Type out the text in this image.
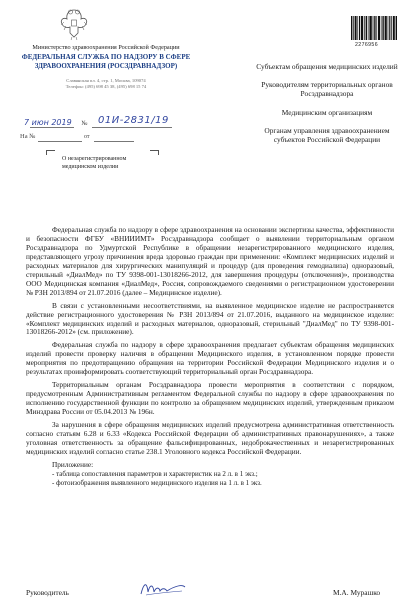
Министерство здравоохранения Российской Федерации
ФЕДЕРАЛЬНАЯ СЛУЖБА ПО НАДЗОРУ В СФЕРЕ ЗДРАВООХРАНЕНИЯ (РОСЗДРАВНАДЗОР)
Славянская пл. 4, стр. 1, Москва, 109074
Телефон: (495) 698 45 38, (495) 698 15 74
7 июн 2019 № 01И-2831/19
На №	от
О незарегистрированном медицинском изделии
2276956
Субъектам обращения медицинских изделий
Руководителям территориальных органов Росздравнадзора
Медицинским организациям
Органам управления здравоохранением субъектов Российской Федерации

Федеральная служба по надзору в сфере здравоохранения на основании экспертизы качества, эффективности и безопасности ФГБУ «ВНИИИМТ» Росздравнадзора сообщает о выявлении территориальным органом Росздравнадзора по Удмуртской Республике в обращении незарегистрированного медицинского изделия, представляющего угрозу причинения вреда здоровью граждан при применении: «Комплект медицинских изделий и расходных материалов для хирургических манипуляций и процедур (для проведения гемодиализа) одноразовый, стерильный «ДиалМед» по ТУ 9398-001-13018266-2012, для завершения процедуры (отключения)», производства ООО Медицинская компания «ДиалМед», Россия, сопровождаемого сведениями о регистрационном удостоверении № РЗН 2013/894 от 21.07.2016 (далее – Медицинское изделие).

В связи с установленными несоответствиями, на выявленное медицинское изделие не распространяется действие регистрационного удостоверения № РЗН 2013/894 от 21.07.2016, выданного на медицинское изделие: «Комплект медицинских изделий и расходных материалов, одноразовый, стерильный "ДиалМед" по ТУ 9398-001-13018266-2012» (см. приложение).

Федеральная служба по надзору в сфере здравоохранения предлагает субъектам обращения медицинских изделий провести проверку наличия в обращении Медицинского изделия, в установленном порядке провести мероприятия по предотвращению обращения на территории Российской Федерации Медицинского изделия и о результатах проинформировать соответствующий территориальный орган Росздравнадзора.

Территориальным органам Росздравнадзора провести мероприятия в соответствии с порядком, предусмотренным Административным регламентом Федеральной службы по надзору в сфере здравоохранения по исполнению государственной функции по контролю за обращением медицинских изделий, утвержденным приказом Минздрава России от 05.04.2013 № 196н.

За нарушения в сфере обращения медицинских изделий предусмотрена административная ответственность согласно статьям 6.28 и 6.33 «Кодекса Российской Федерации об административных правонарушениях», а также уголовная ответственность за обращение фальсифицированных, недоброкачественных и незарегистрированных медицинских изделий согласно статье 238.1 Уголовного кодекса Российской Федерации.

Приложение:

- таблица сопоставления параметров и характеристик на 2 л. в 1 экз.;

- фотоизображения выявленного медицинского изделия на 1 л. в 1 экз.

Руководитель	М.А. Мурашко
